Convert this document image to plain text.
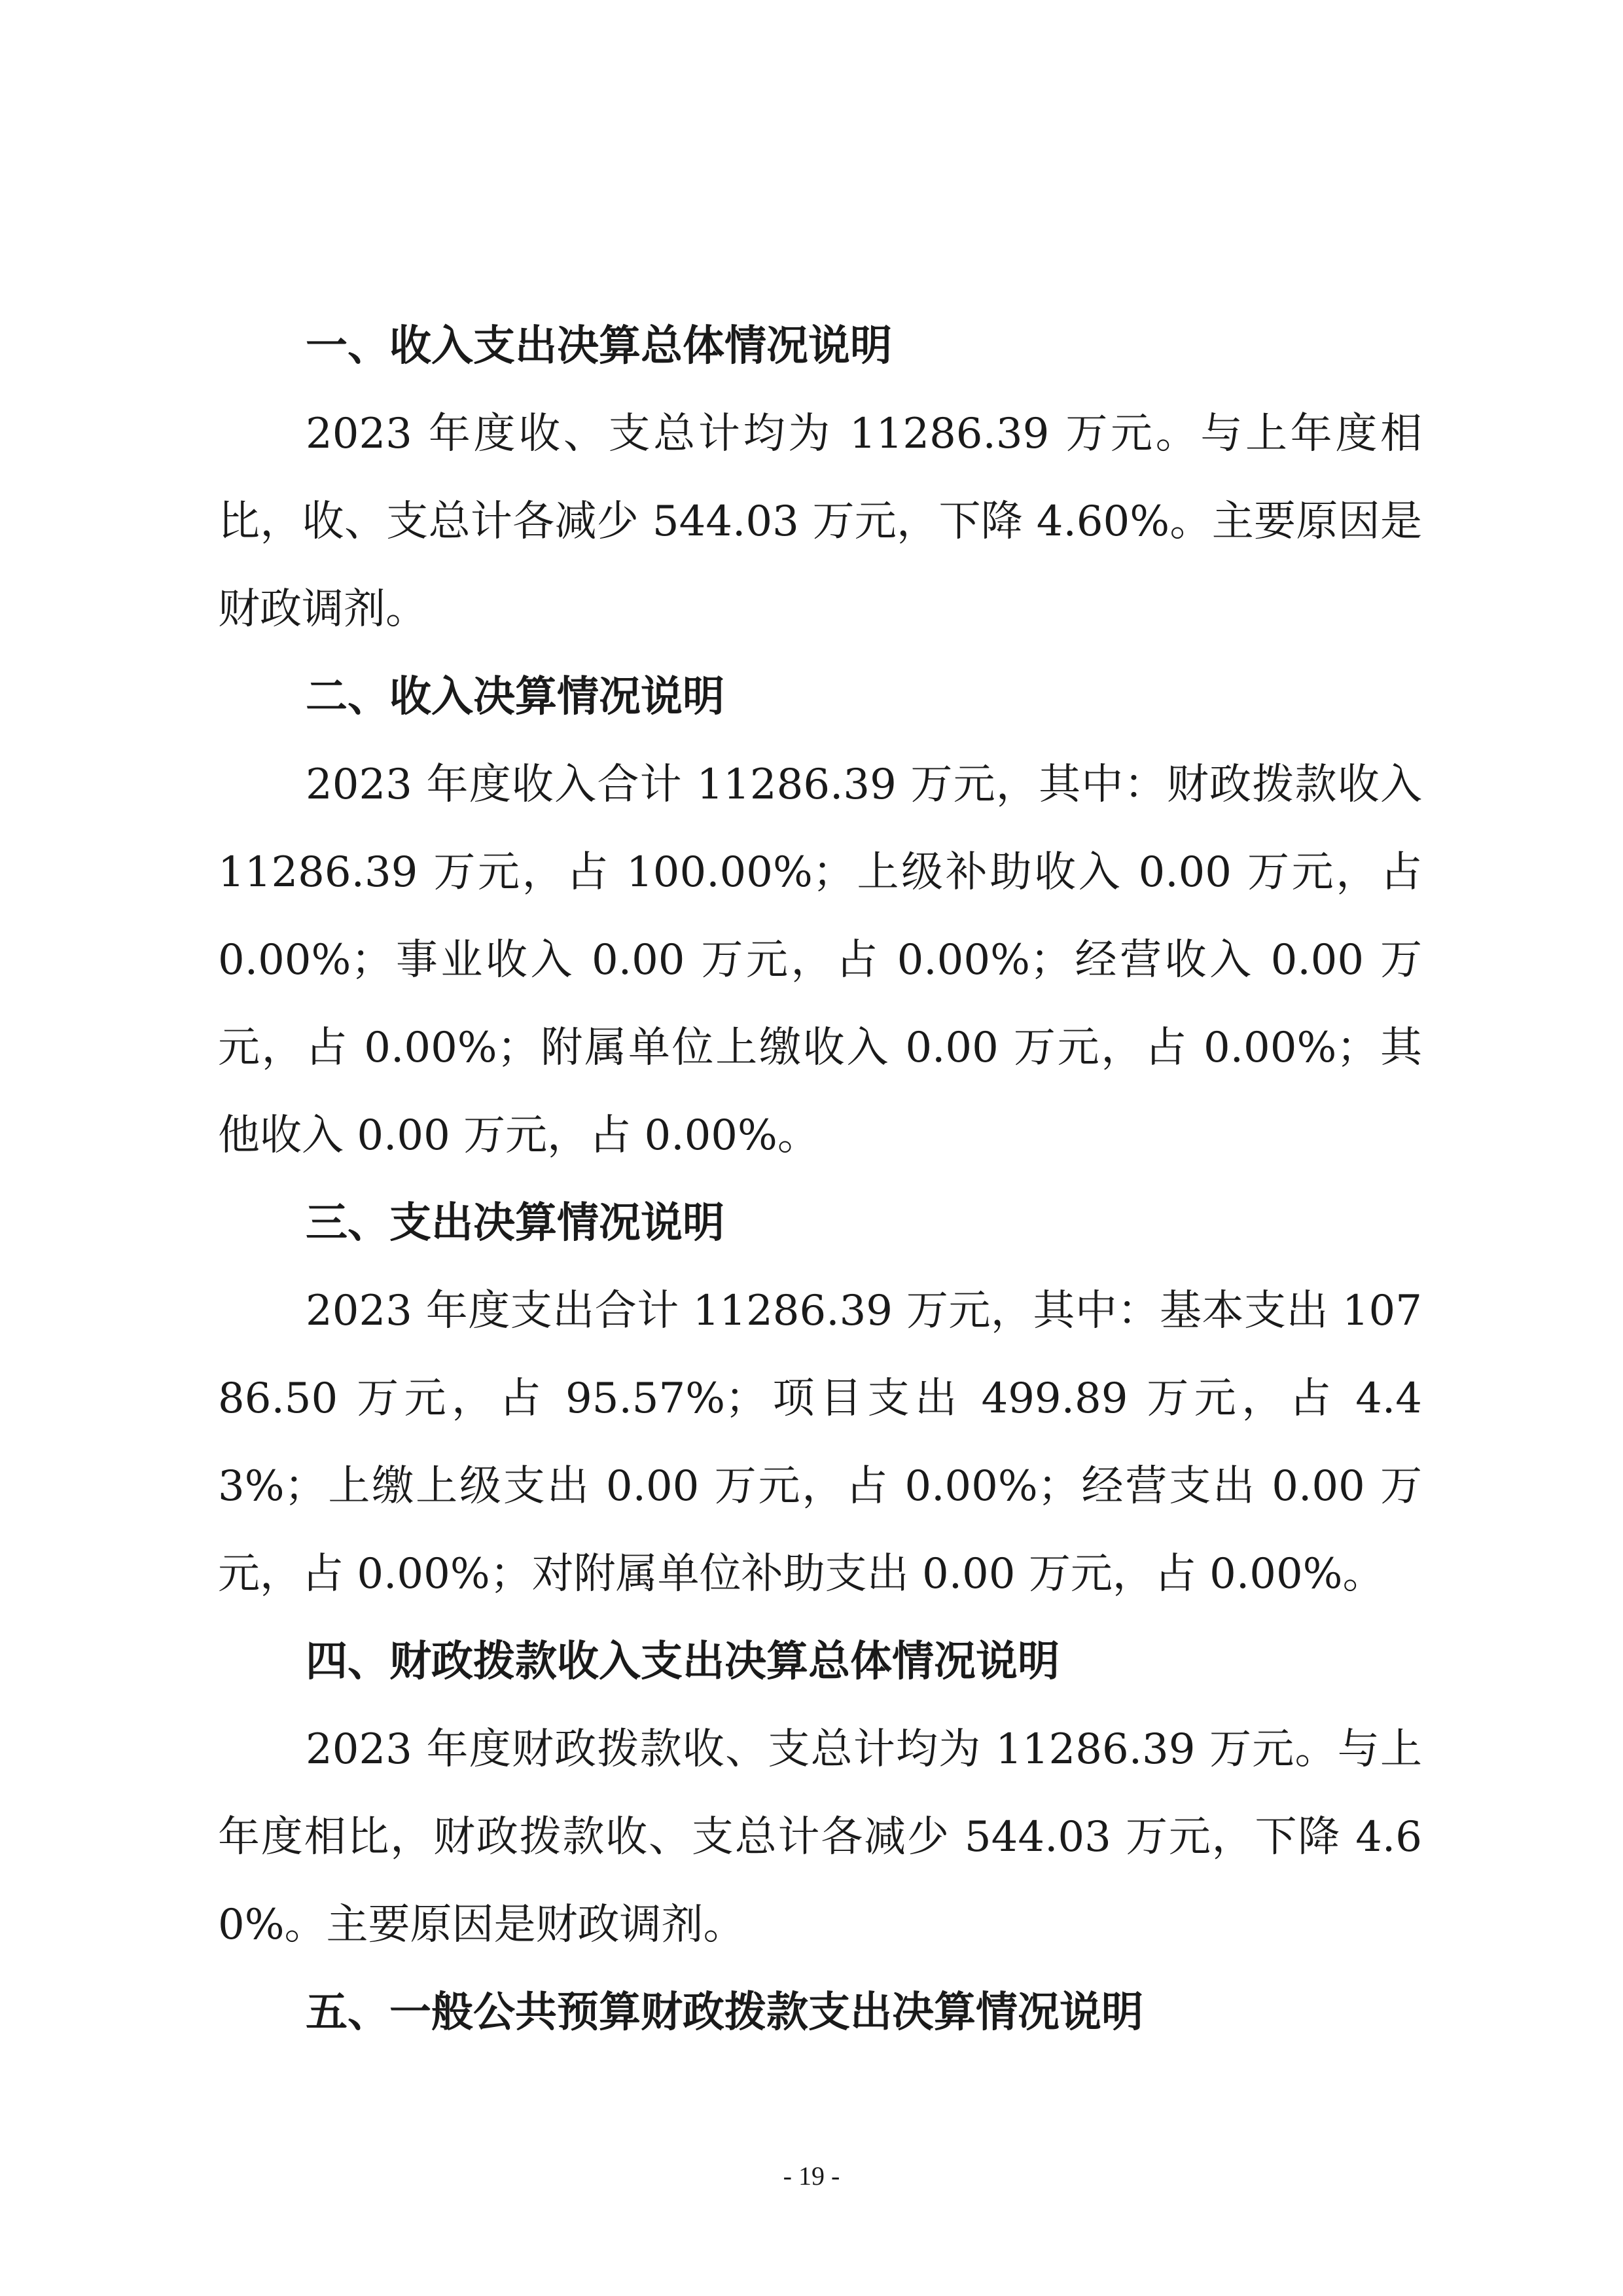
一、收入支出决算总体情况说明

2023 年度收、支总计均为 11286.39 万元。与上年度相比，收、支总计各减少 544.03 万元，下降 4.60%。主要原因是财政调剂。

二、收入决算情况说明

2023 年度收入合计 11286.39 万元，其中：财政拨款收入 11286.39 万元，占 100.00%；上级补助收入 0.00 万元，占 0.00%；事业收入 0.00 万元，占 0.00%；经营收入 0.00 万元，占 0.00%；附属单位上缴收入 0.00 万元，占 0.00%；其他收入 0.00 万元，占 0.00%。

三、支出决算情况说明

2023 年度支出合计 11286.39 万元，其中：基本支出 10786.50 万元，占 95.57%；项目支出 499.89 万元，占 4.43%；上缴上级支出 0.00 万元，占 0.00%；经营支出 0.00 万元，占 0.00%；对附属单位补助支出 0.00 万元，占 0.00%。

四、财政拨款收入支出决算总体情况说明

2023 年度财政拨款收、支总计均为 11286.39 万元。与上年度相比，财政拨款收、支总计各减少 544.03 万元，下降 4.60%。主要原因是财政调剂。

五、一般公共预算财政拨款支出决算情况说明
- 19 -
